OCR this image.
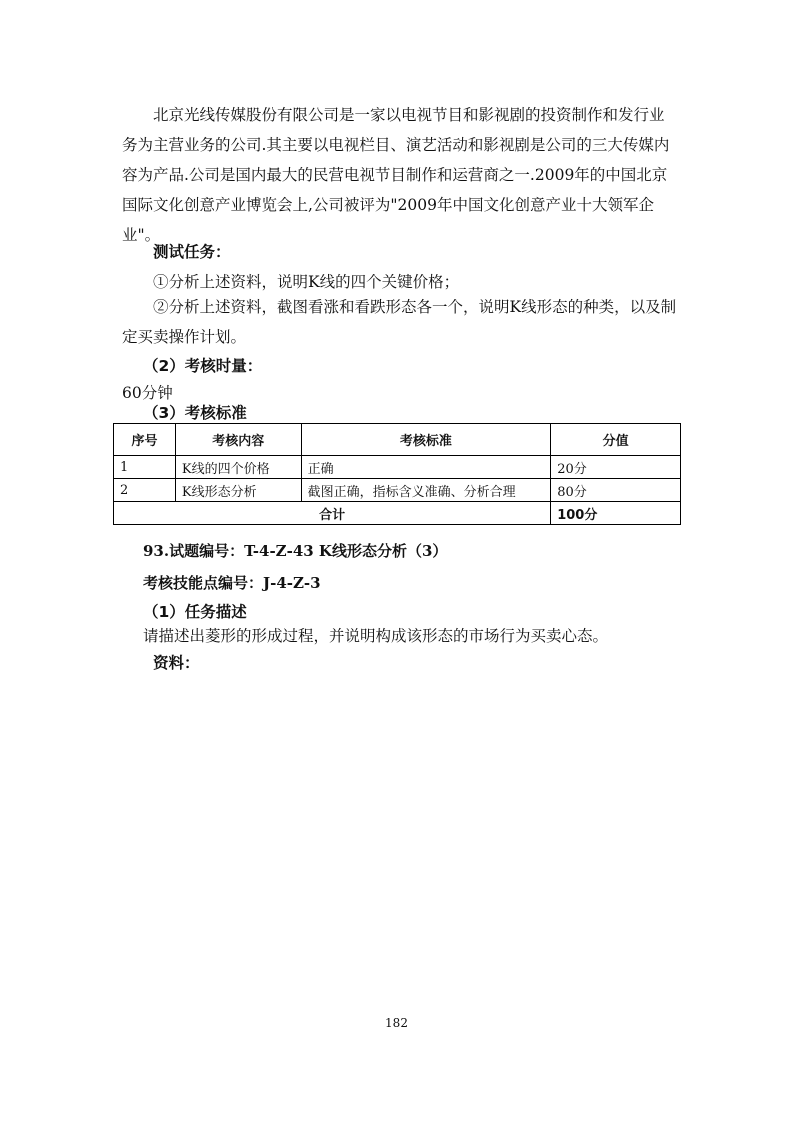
北京光线传媒股份有限公司是一家以电视节目和影视剧的投资制作和发行业务为主营业务的公司.其主要以电视栏目、演艺活动和影视剧是公司的三大传媒内容为产品.公司是国内最大的民营电视节目制作和运营商之一.2009年的中国北京国际文化创意产业博览会上,公司被评为"2009年中国文化创意产业十大领军企业"。

测试任务：

①分析上述资料，说明K线的四个关键价格；

②分析上述资料，截图看涨和看跌形态各一个，说明K线形态的种类，以及制定买卖操作计划。

（2）考核时量：

60分钟

（3）考核标准

序号	考核内容	考核标准	分值
1	K线的四个价格	正确	20分
2	K线形态分析	截图正确，指标含义准确、分析合理	80分
合计			100分

93.试题编号：T-4-Z-43 K线形态分析（3）

考核技能点编号：J-4-Z-3

（1）任务描述

请描述出菱形的形成过程，并说明构成该形态的市场行为买卖心态。

资料：

182
